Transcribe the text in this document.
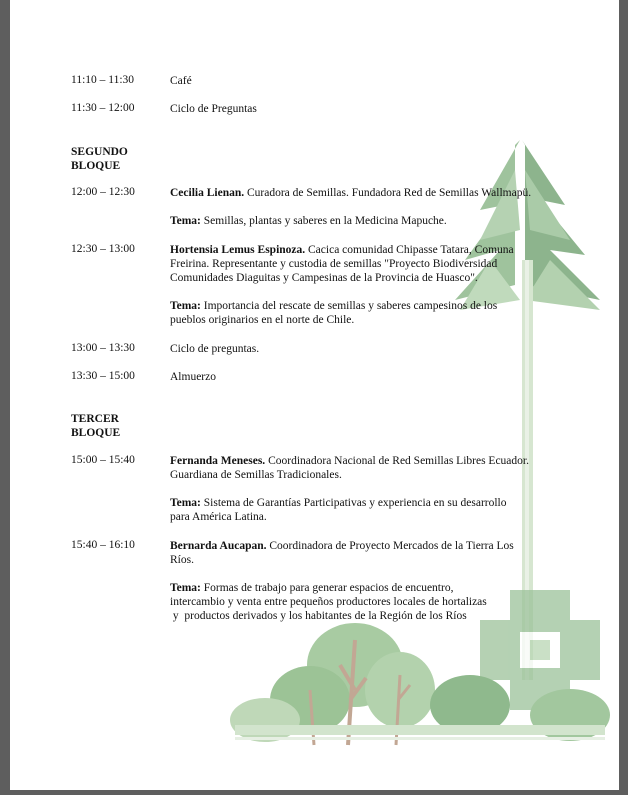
11:10 – 11:30	Café
11:30 – 12:00	Ciclo de Preguntas
SEGUNDO
BLOQUE
12:00 – 12:30	Cecilia Lienan. Curadora de Semillas. Fundadora Red de Semillas Wallmapü.
Tema: Semillas, plantas y saberes en la Medicina Mapuche.
12:30 – 13:00	Hortensia Lemus Espinoza. Cacica comunidad Chipasse Tatara, Comuna
Freirina. Representante y custodia de semillas "Proyecto Biodiversidad
Comunidades Diaguitas y Campesinas de la Provincia de Huasco".
Tema: Importancia del rescate de semillas y saberes campesinos de los
pueblos originarios en el norte de Chile.
13:00 – 13:30	Ciclo de preguntas.
13:30 – 15:00	Almuerzo
TERCER
BLOQUE
15:00 – 15:40	Fernanda Meneses. Coordinadora Nacional de Red Semillas Libres Ecuador.
Guardiana de Semillas Tradicionales.
Tema: Sistema de Garantías Participativas y experiencia en su desarrollo
para América Latina.
15:40 – 16:10	Bernarda Aucapan. Coordinadora de Proyecto Mercados de la Tierra Los
Ríos.
Tema: Formas de trabajo para generar espacios de encuentro,
intercambio y venta entre pequeños productores locales de hortalizas
y  productos derivados y los habitantes de la Región de los Ríos
